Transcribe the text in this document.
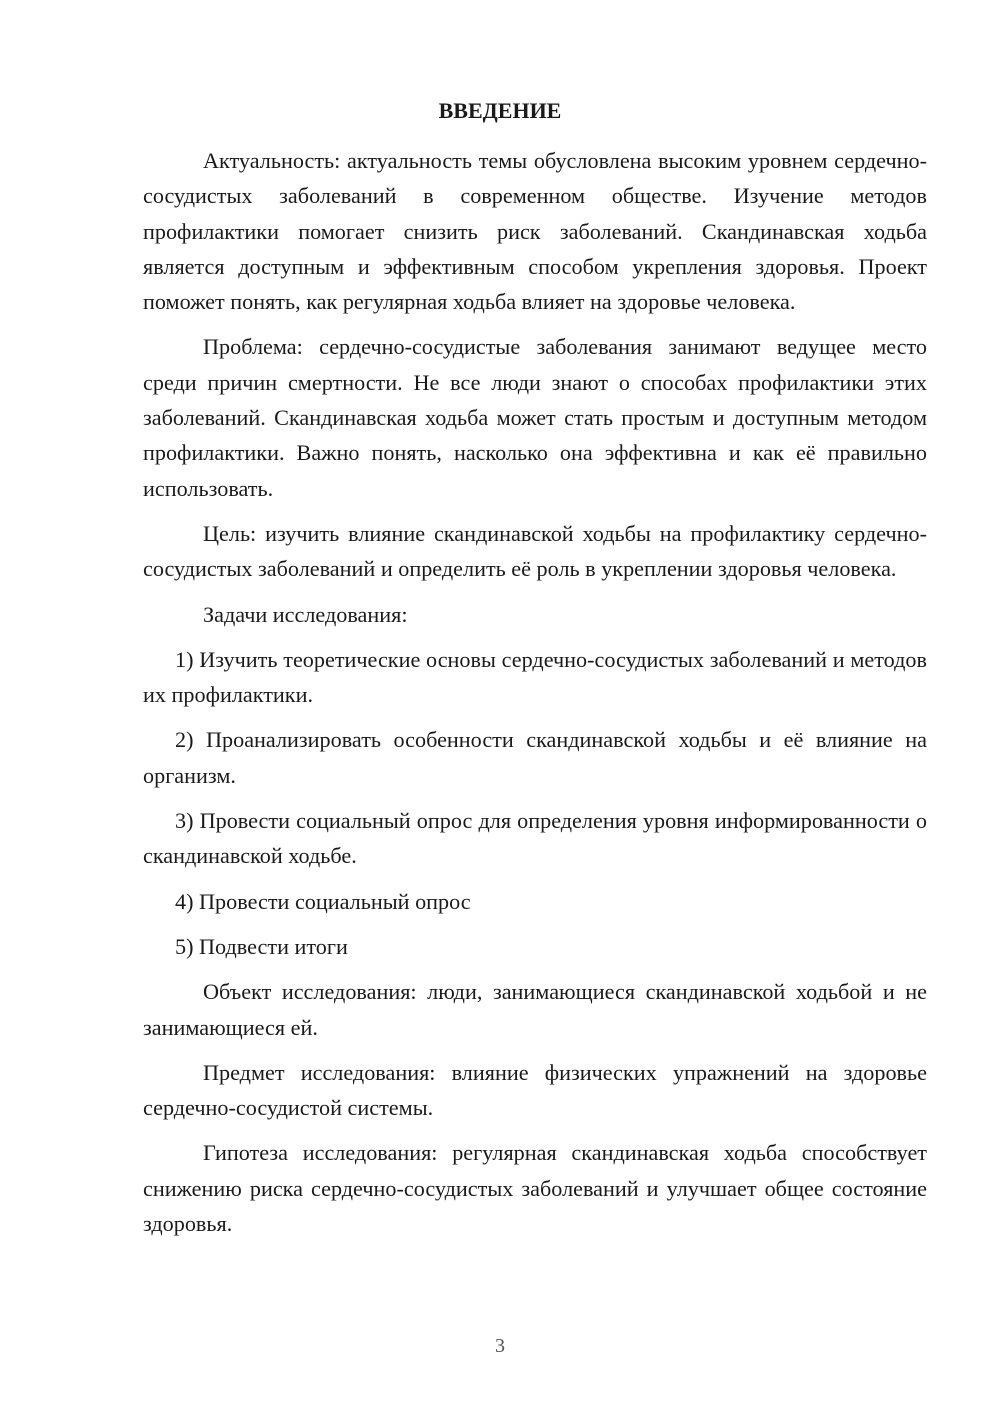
ВВЕДЕНИЕ

Актуальность: актуальность темы обусловлена высоким уровнем сердечно-сосудистых заболеваний в современном обществе. Изучение методов профилактики помогает снизить риск заболеваний. Скандинавская ходьба является доступным и эффективным способом укрепления здоровья. Проект поможет понять, как регулярная ходьба влияет на здоровье человека.

Проблема: сердечно-сосудистые заболевания занимают ведущее место среди причин смертности. Не все люди знают о способах профилактики этих заболеваний. Скандинавская ходьба может стать простым и доступным методом профилактики. Важно понять, насколько она эффективна и как её правильно использовать.

Цель: изучить влияние скандинавской ходьбы на профилактику сердечно-сосудистых заболеваний и определить её роль в укреплении здоровья человека.

Задачи исследования:

1) Изучить теоретические основы сердечно-сосудистых заболеваний и методов их профилактики.

2) Проанализировать особенности скандинавской ходьбы и её влияние на организм.

3) Провести социальный опрос для определения уровня информированности о скандинавской ходьбе.

4) Провести социальный опрос

5) Подвести итоги

Объект исследования: люди, занимающиеся скандинавской ходьбой и не занимающиеся ей.

Предмет исследования: влияние физических упражнений на здоровье сердечно-сосудистой системы.

Гипотеза исследования: регулярная скандинавская ходьба способствует снижению риска сердечно-сосудистых заболеваний и улучшает общее состояние здоровья.

3
